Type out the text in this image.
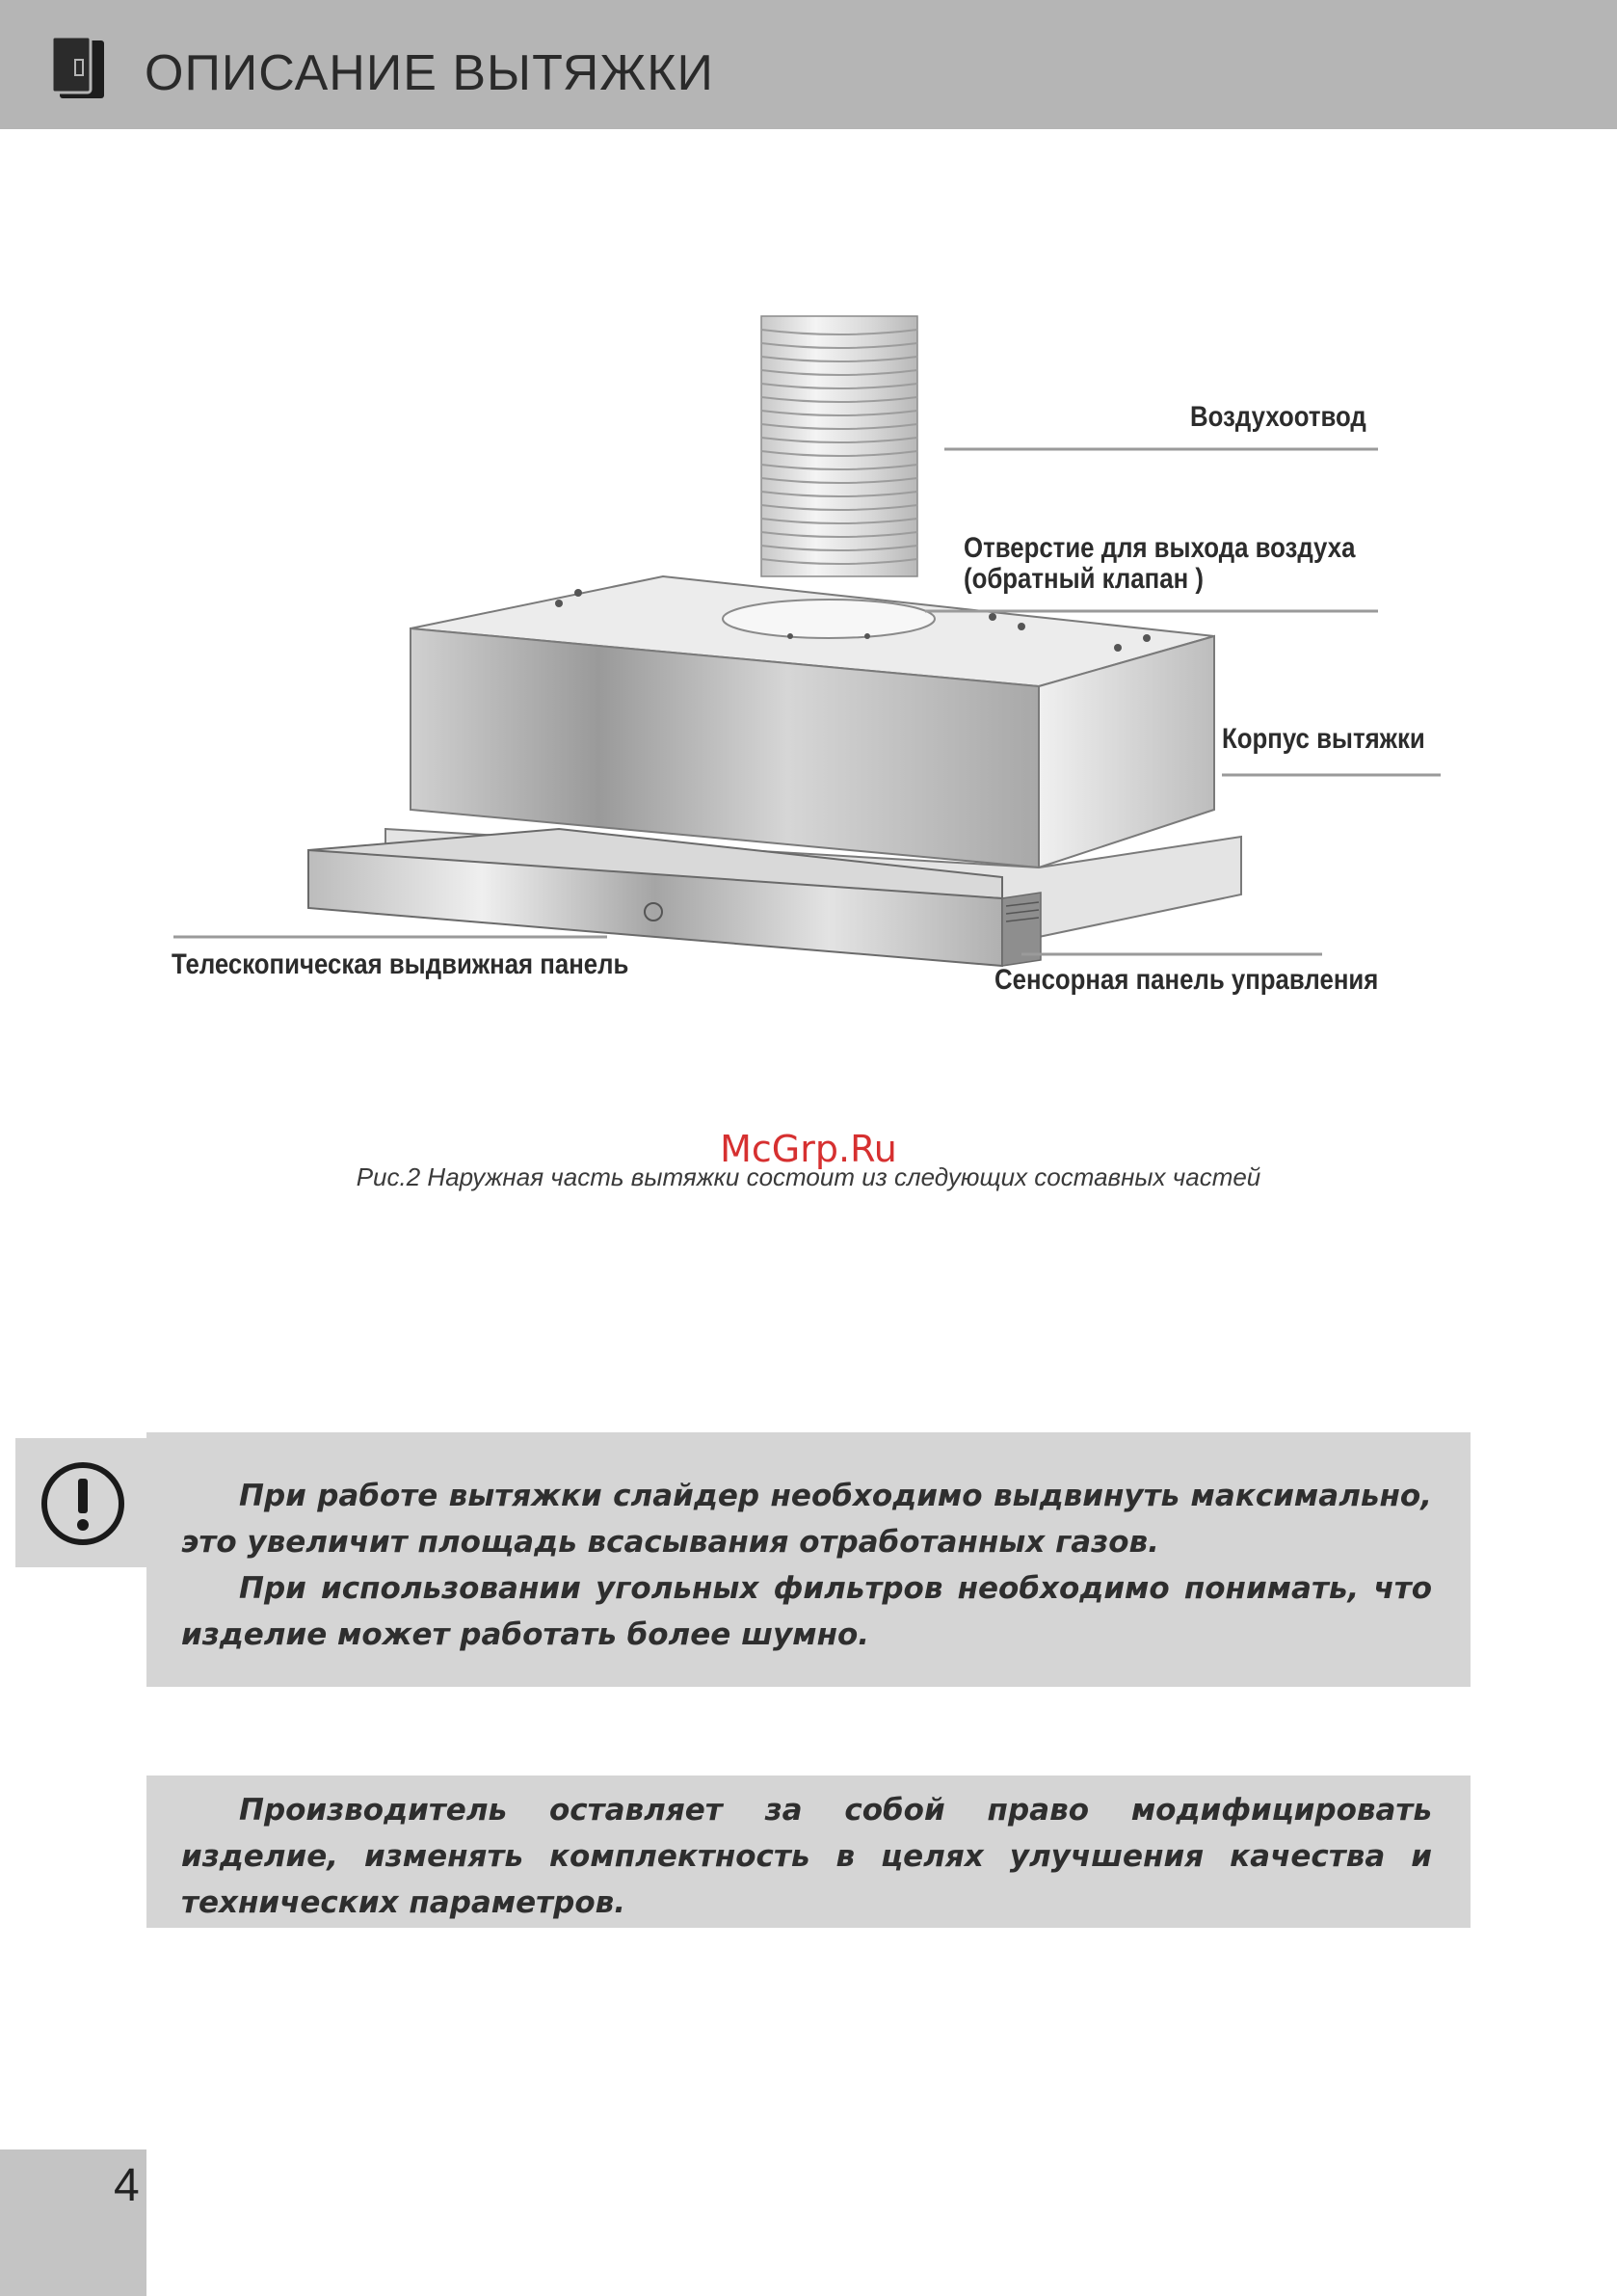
ОПИСАНИЕ ВЫТЯЖКИ
Воздухоотвод
Отверстие для выхода воздуха
(обратный клапан )
Корпус вытяжки
Телескопическая выдвижная панель	Сенсорная панель управления
McGrp.Ru
Рис.2 Наружная часть вытяжки состоит из следующих составных частей

При работе вытяжки слайдер необходимо выдвинуть максимально, это увеличит площадь всасывания отработанных газов.

При использовании угольных фильтров необходимо понимать, что изделие может работать более шумно.

Производитель оставляет за собой право модифицировать изделие, изменять комплектность в целях улучшения качества и технических параметров.

4
